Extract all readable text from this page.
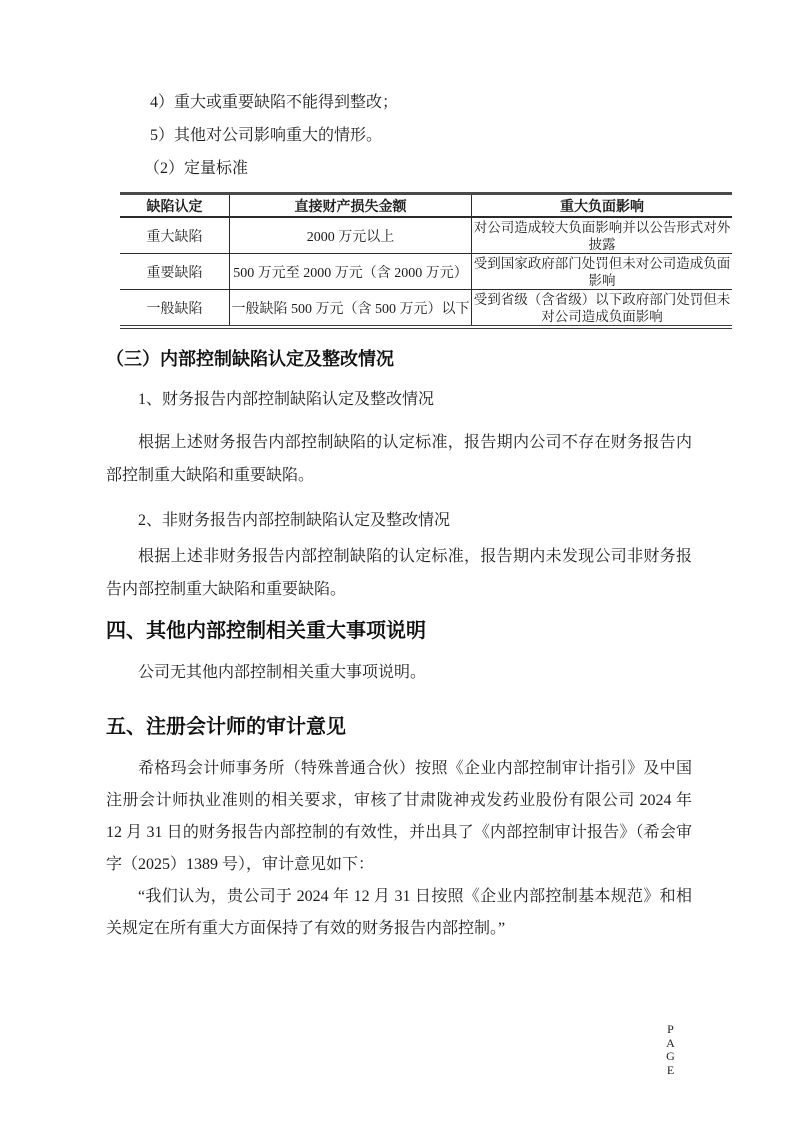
4）重大或重要缺陷不能得到整改；

5）其他对公司影响重大的情形。

（2）定量标准

缺陷认定	直接财产损失金额	重大负面影响
重大缺陷	2000 万元以上	对公司造成较大负面影响并以公告形式对外披露
重要缺陷	500 万元至 2000 万元（含 2000 万元）	受到国家政府部门处罚但未对公司造成负面影响
一般缺陷	一般缺陷 500 万元（含 500 万元）以下	受到省级（含省级）以下政府部门处罚但未对公司造成负面影响
（三）内部控制缺陷认定及整改情况

1、财务报告内部控制缺陷认定及整改情况

根据上述财务报告内部控制缺陷的认定标准，报告期内公司不存在财务报告内部控制重大缺陷和重要缺陷。

2、非财务报告内部控制缺陷认定及整改情况

根据上述非财务报告内部控制缺陷的认定标准，报告期内未发现公司非财务报告内部控制重大缺陷和重要缺陷。

四、其他内部控制相关重大事项说明

公司无其他内部控制相关重大事项说明。

五、注册会计师的审计意见

希格玛会计师事务所（特殊普通合伙）按照《企业内部控制审计指引》及中国注册会计师执业准则的相关要求，审核了甘肃陇神戎发药业股份有限公司 2024 年 12 月 31 日的财务报告内部控制的有效性，并出具了《内部控制审计报告》（希会审字（2025）1389 号），审计意见如下：

“我们认为，贵公司于 2024 年 12 月 31 日按照《企业内部控制基本规范》和相关规定在所有重大方面保持了有效的财务报告内部控制。”

PAGE
